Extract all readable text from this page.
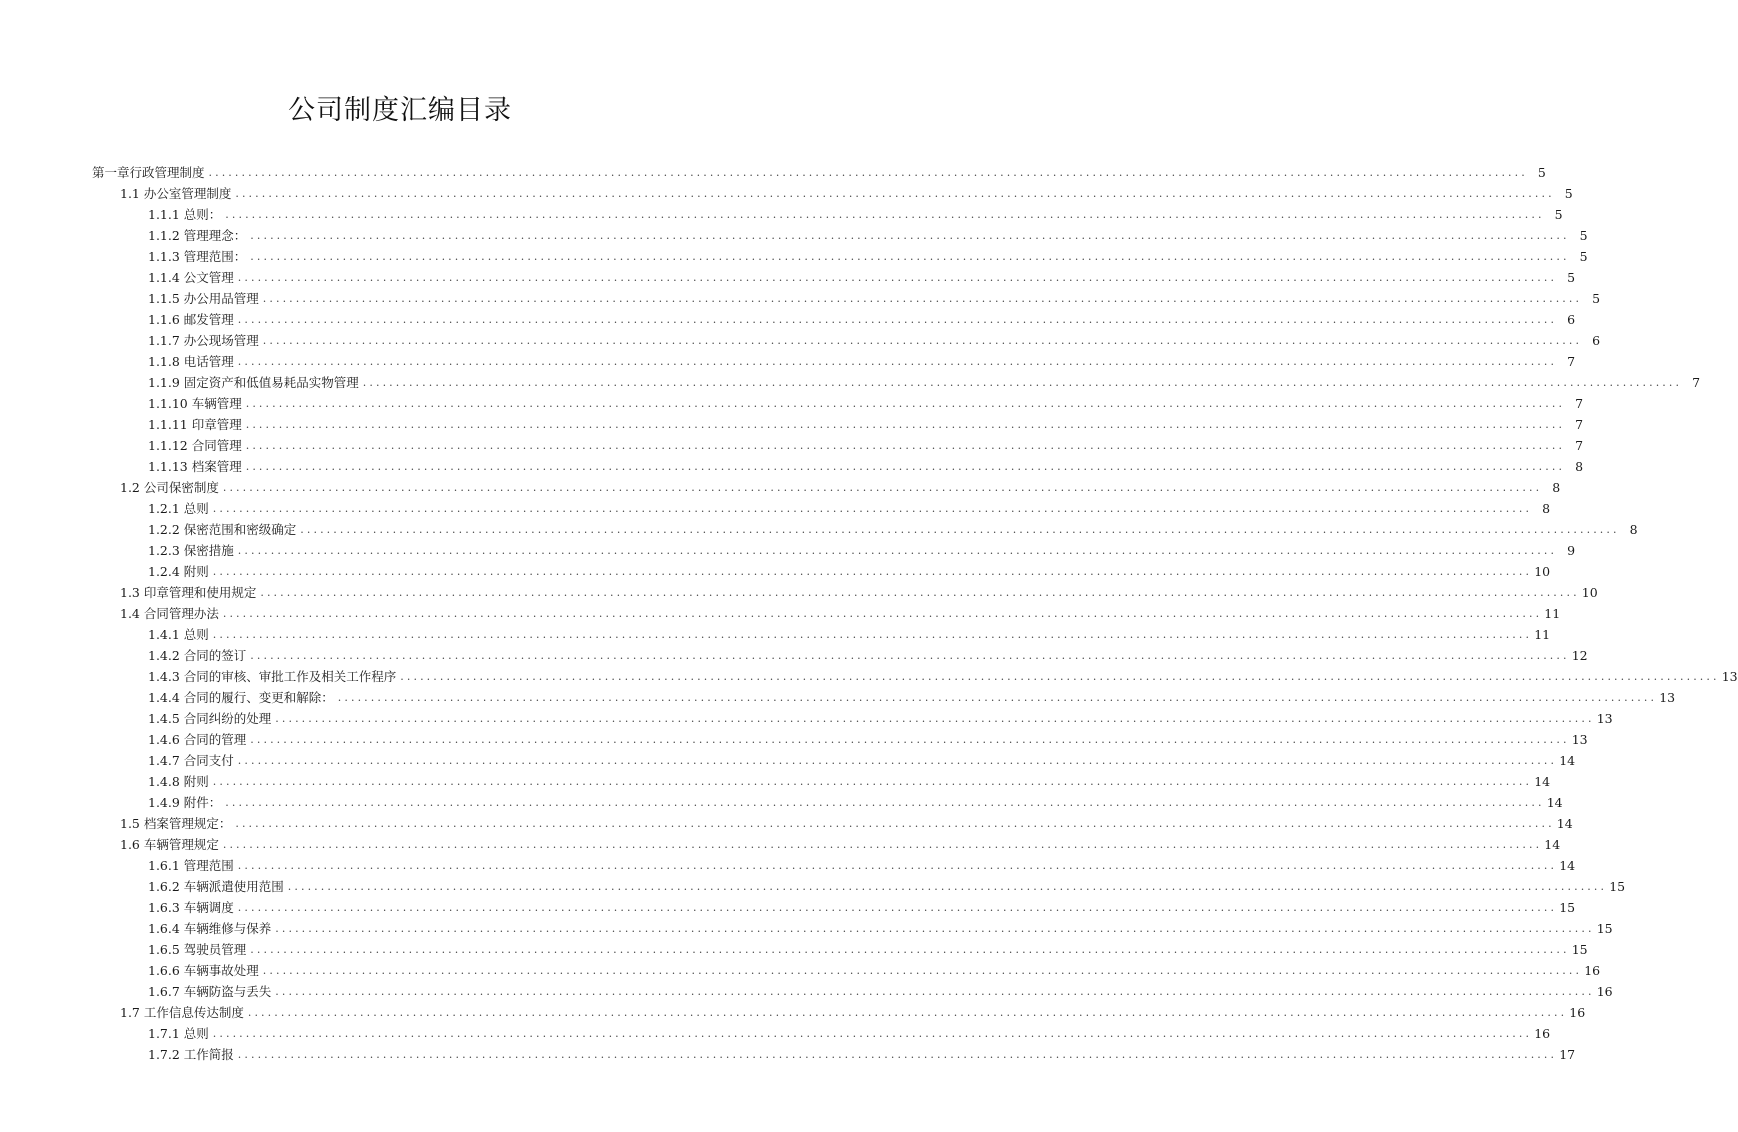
公司制度汇编目录
第一章行政管理制度 ........................................................................................................................................................................................................ 5
1.1 办公室管理制度 ........................................................................................................................................................................................................ 5
1.1.1 总则： ........................................................................................................................................................................................................ 5
1.1.2 管理理念： ........................................................................................................................................................................................................ 5
1.1.3 管理范围： ........................................................................................................................................................................................................ 5
1.1.4 公文管理 ........................................................................................................................................................................................................ 5
1.1.5 办公用品管理 ........................................................................................................................................................................................................ 5
1.1.6 邮发管理 ........................................................................................................................................................................................................ 6
1.1.7 办公现场管理 ........................................................................................................................................................................................................ 6
1.1.8 电话管理 ........................................................................................................................................................................................................ 7
1.1.9 固定资产和低值易耗品实物管理 ........................................................................................................................................................................................................ 7
1.1.10 车辆管理 ........................................................................................................................................................................................................ 7
1.1.11 印章管理 ........................................................................................................................................................................................................ 7
1.1.12 合同管理 ........................................................................................................................................................................................................ 7
1.1.13 档案管理 ........................................................................................................................................................................................................ 8
1.2 公司保密制度 ........................................................................................................................................................................................................ 8
1.2.1 总则 ........................................................................................................................................................................................................ 8
1.2.2 保密范围和密级确定 ........................................................................................................................................................................................................ 8
1.2.3 保密措施 ........................................................................................................................................................................................................ 9
1.2.4 附则 ........................................................................................................................................................................................................ 10
1.3 印章管理和使用规定 ........................................................................................................................................................................................................ 10
1.4 合同管理办法 ........................................................................................................................................................................................................ 11
1.4.1 总则 ........................................................................................................................................................................................................ 11
1.4.2 合同的签订 ........................................................................................................................................................................................................ 12
1.4.3 合同的审核、审批工作及相关工作程序 ........................................................................................................................................................................................................ 13
1.4.4 合同的履行、变更和解除： ........................................................................................................................................................................................................ 13
1.4.5 合同纠纷的处理 ........................................................................................................................................................................................................ 13
1.4.6 合同的管理 ........................................................................................................................................................................................................ 13
1.4.7 合同支付 ........................................................................................................................................................................................................ 14
1.4.8 附则 ........................................................................................................................................................................................................ 14
1.4.9 附件： ........................................................................................................................................................................................................ 14
1.5 档案管理规定： ........................................................................................................................................................................................................ 14
1.6 车辆管理规定 ........................................................................................................................................................................................................ 14
1.6.1 管理范围 ........................................................................................................................................................................................................ 14
1.6.2 车辆派遣使用范围 ........................................................................................................................................................................................................ 15
1.6.3 车辆调度 ........................................................................................................................................................................................................ 15
1.6.4 车辆维修与保养 ........................................................................................................................................................................................................ 15
1.6.5 驾驶员管理 ........................................................................................................................................................................................................ 15
1.6.6 车辆事故处理 ........................................................................................................................................................................................................ 16
1.6.7 车辆防盗与丢失 ........................................................................................................................................................................................................ 16
1.7 工作信息传达制度 ........................................................................................................................................................................................................ 16
1.7.1 总则 ........................................................................................................................................................................................................ 16
1.7.2 工作简报 ........................................................................................................................................................................................................ 17
